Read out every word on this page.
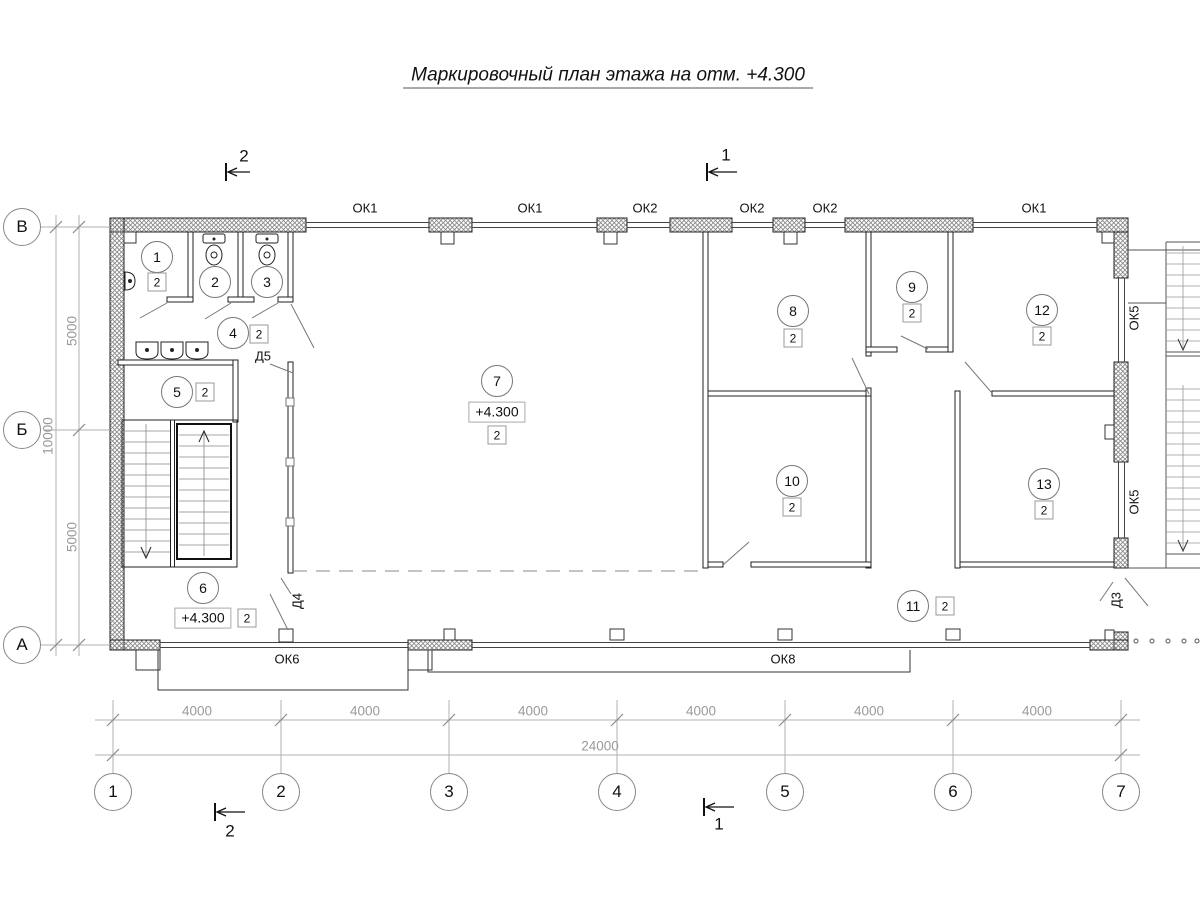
Маркировочный план этажа на отм. +4.300
2	1
2	1
ОК1	ОК1	ОК2	ОК2	ОК2	ОК1
ОК6	ОК8
ОК5
ОК5
Д5
Д4	Д3
1
2	3
4
5
6
7
8
9
10
11
12
13
2
2
2
2
2
2
2
2
2
2
2
+4.300
+4.300
1	2	3	4	5	6	7
В
Б
А
4000	4000	4000	4000	4000	4000
24000
5000
5000
10000
